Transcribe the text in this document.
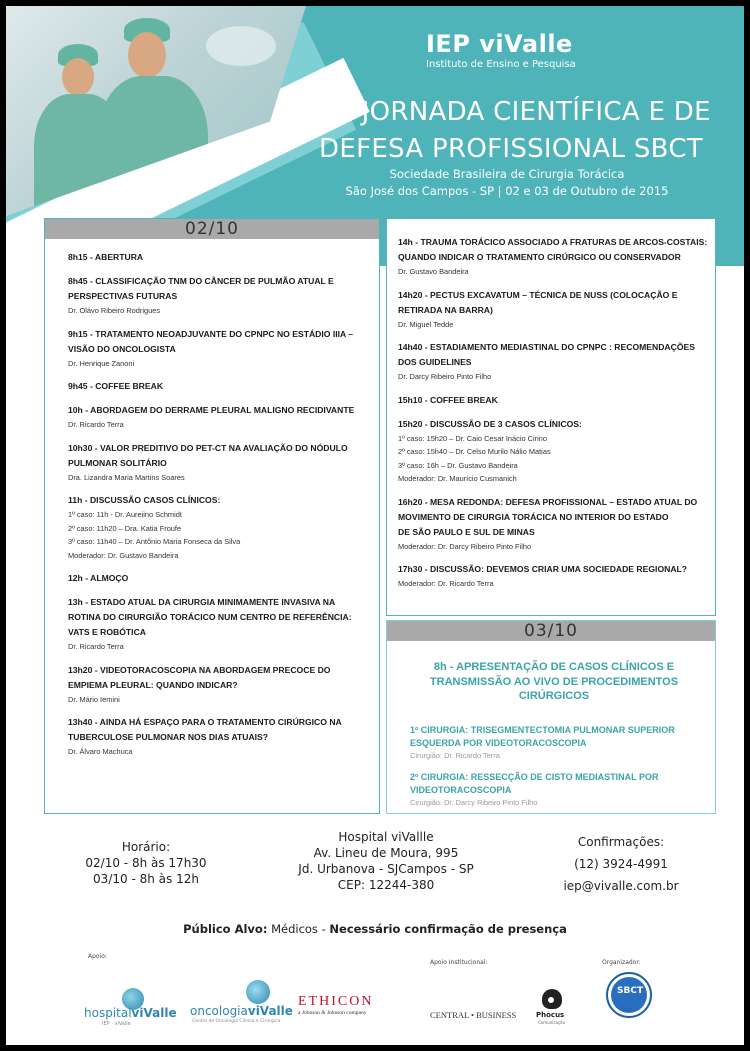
IEP viValle
Instituto de Ensino e Pesquisa
VIII JORNADA CIENTÍFICA E DE
DEFESA PROFISSIONAL SBCT
Sociedade Brasileira de Cirurgia Torácica
São José dos Campos - SP | 02 e 03 de Outubro de 2015
02/10
8h15 - ABERTURA
8h45 - CLASSIFICAÇÃO TNM DO CÂNCER DE PULMÃO ATUAL E
PERSPECTIVAS FUTURAS
Dr. Olávo Ribeiro Rodrigues
9h15 - TRATAMENTO NEOADJUVANTE DO CPNPC NO ESTÁDIO IIIA –
VISÃO DO ONCOLOGISTA
Dr. Henrique Zanoni
9h45 - COFFEE BREAK
10h - ABORDAGEM DO DERRAME PLEURAL MALIGNO RECIDIVANTE
Dr. Ricardo Terra
10h30 - VALOR PREDITIVO DO PET-CT NA AVALIAÇÃO DO NÓDULO
PULMONAR SOLITÁRIO
Dra. Lizandra Maria Martins Soares
11h - DISCUSSÃO CASOS CLÍNICOS:
1º caso: 11h - Dr. Aureiino Schmidt
2º caso: 11h20 – Dra. Katia Froufe
3º caso: 11h40 – Dr. Antônio Maria Fonseca da Silva
Moderador: Dr. Gustavo Bandeira
12h - ALMOÇO
13h - ESTADO ATUAL DA CIRURGIA MINIMAMENTE INVASIVA NA
ROTINA DO CIRURGIÃO TORÁCICO NUM CENTRO DE REFERÊNCIA:
VATS E ROBÓTICA
Dr. Ricardo Terra
13h20 - VIDEOTORACOSCOPIA NA ABORDAGEM PRECOCE DO
EMPIEMA PLEURAL: QUANDO INDICAR?
Dr. Mário Iemini
13h40 - AINDA HÁ ESPAÇO PARA O TRATAMENTO CIRÚRGICO NA
TUBERCULOSE PULMONAR NOS DIAS ATUAIS?
Dr. Álvaro Machuca
14h - TRAUMA TORÁCICO ASSOCIADO A FRATURAS DE ARCOS-COSTAIS:
QUANDO INDICAR O TRATAMENTO CIRÚRGICO OU CONSERVADOR
Dr. Gustavo Bandeira
14h20 - PECTUS EXCAVATUM – TÉCNICA DE NUSS (COLOCAÇÃO E
RETIRADA NA BARRA)
Dr. Miguel Tedde
14h40 - ESTADIAMENTO MEDIASTINAL DO CPNPC : RECOMENDAÇÕES
DOS GUIDELINES
Dr. Darcy Ribeiro Pinto Filho
15h10 - COFFEE BREAK
15h20 - DISCUSSÃO DE 3 CASOS CLÍNICOS:
1º caso: 15h20 – Dr. Caio Cesar Inácio Cirino
2º caso: 15h40 – Dr. Celso Murilo Nálio Matias
3º caso: 16h – Dr. Gustavo Bandeira
Moderador: Dr. Maurício Cusmanich
16h20 - MESA REDONDA: DEFESA PROFISSIONAL – ESTADO ATUAL DO
MOVIMENTO DE CIRURGIA TORÁCICA NO INTERIOR DO ESTADO
DE SÃO PAULO E SUL DE MINAS
Moderador: Dr. Darcy Ribeiro Pinto Filho
17h30 - DISCUSSÃO: DEVEMOS CRIAR UMA SOCIEDADE REGIONAL?
Moderador: Dr. Ricardo Terra
03/10
8h - APRESENTAÇÃO DE CASOS CLÍNICOS E
TRANSMISSÃO AO VIVO DE PROCEDIMENTOS
CIRÚRGICOS
1º CIRURGIA: TRISEGMENTECTOMIA PULMONAR SUPERIOR
ESQUERDA POR VIDEOTORACOSCOPIA
Cirurgião: Dr. Ricardo Terra
2º CIRURGIA: RESSECÇÃO DE CISTO MEDIASTINAL POR
VIDEOTORACOSCOPIA
Cirurgião: Dr. Darcy Ribeiro Pinto Filho
Horário:
02/10 - 8h às 17h30
03/10 - 8h às 12h
Hospital viVallle
Av. Lineu de Moura, 995
Jd. Urbanova - SJCampos - SP
CEP: 12244-380
Confirmações:
(12) 3924-4991
iep@vivalle.com.br
Público Alvo: Médicos - Necessário confirmação de presença
Apoio:
Apoio Institucional:	Organizador:
hospitalviValle
IEP · viValle
oncologiaviValle
Centro de Oncologia Clínica e Cirúrgica
ETHICON
a Johnson & Johnson company	CENTRAL • BUSINESS	Phocus
Comunicação
SBCT
1997
